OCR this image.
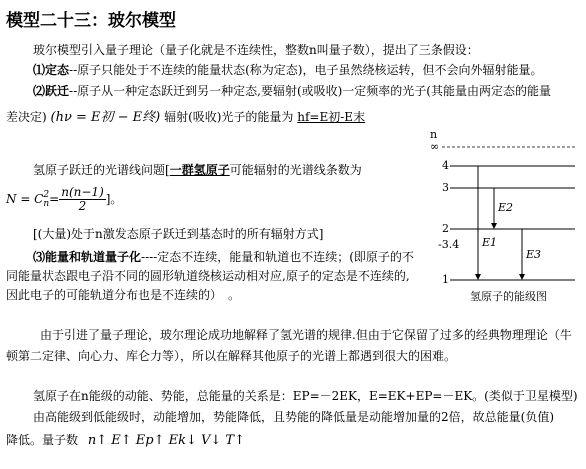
模型二十三：玻尔模型
玻尔模型引入量子理论（量子化就是不连续性，整数n叫量子数），提出了三条假设：
⑴定态--原子只能处于不连续的能量状态(称为定态)，电子虽然绕核运转，但不会向外辐射能量。
⑵跃迁--原子从一种定态跃迁到另一种定态,要辐射(或吸收)一定频率的光子(其能量由两定态的能量
差决定) (hν = E初 − E终) 辐射(吸收)光子的能量为 hf=E初-E末
氢原子跃迁的光谱线问题[一群氢原子可能辐射的光谱线条数为
N = C 2
$n = \frac{n(n-1)}{2}$ ]。
[(大量)处于n激发态原子跃迁到基态时的所有辐射方式]
⑶能量和轨道量子化----定态不连续，能量和轨道也不连续；(即原子的不
同能量状态跟电子沿不同的圆形轨道绕核运动相对应,原子的定态是不连续的,
因此电子的可能轨道分布也是不连续的）　。
由于引进了量子理论，玻尔理论成功地解释了氢光谱的规律.但由于它保留了过多的经典物理理论（牛
顿第二定律、向心力、库仑力等），所以在解释其他原子的光谱上都遇到很大的困难。
氢原子在n能级的动能、势能，总能量的关系是：EP=－2EK，E=EK+EP=－EK。(类似于卫星模型)
由高能级到低能级时，动能增加，势能降低，且势能的降低量是动能增加量的2倍，故总能量(负值)
降低。量子数 n↑ E↑ Ep↑ Ek↓ V↓ T↑
n
∞
4
3
2
-3.4
1
E1
E2
E3
氢原子的能级图
